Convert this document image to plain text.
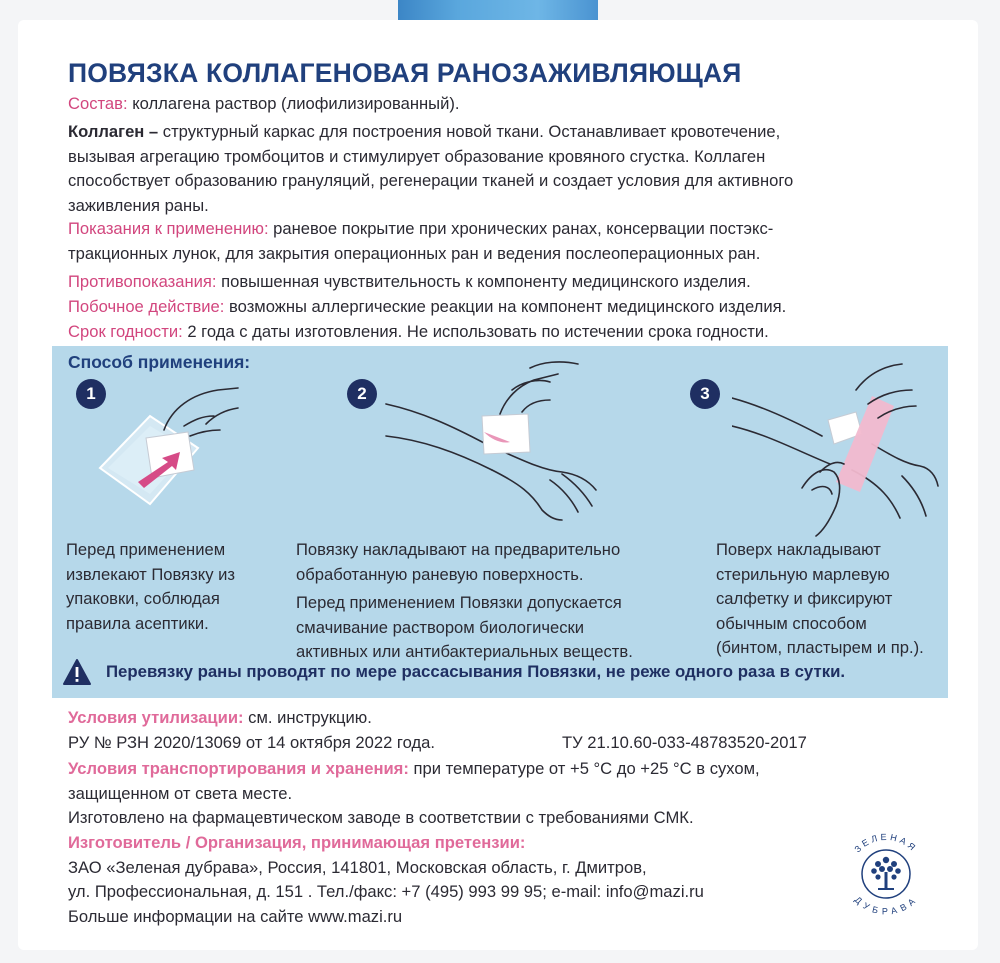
ПОВЯЗКА КОЛЛАГЕНОВАЯ РАНОЗАЖИВЛЯЮЩАЯ
Состав: коллагена раствор (лиофилизированный).
Коллаген – структурный каркас для построения новой ткани. Останавливает кровотечение,
вызывая агрегацию тромбоцитов и стимулирует образование кровяного сгустка. Коллаген
способствует образованию грануляций, регенерации тканей и создает условия для активного
заживления раны.
Показания к применению: раневое покрытие при хронических ранах, консервации постэкс-
тракционных лунок, для закрытия операционных ран и ведения послеоперационных ран.
Противопоказания: повышенная чувствительность к компоненту медицинского изделия.
Побочное действие: возможны аллергические реакции на компонент медицинского изделия.
Срок годности: 2 года с даты изготовления. Не использовать по истечении срока годности.
Способ применения:
1
Перед применением
извлекают Повязку из
упаковки, соблюдая
правила асептики.
2
Повязку накладывают на предварительно
обработанную раневую поверхность.
Перед применением Повязки допускается
смачивание раствором биологически
активных или антибактериальных веществ.
3
Поверх накладывают
стерильную марлевую
салфетку и фиксируют
обычным способом
(бинтом, пластырем и пр.).
Перевязку раны проводят по мере рассасывания Повязки, не реже одного раза в сутки.
Условия утилизации: см. инструкцию.
РУ № РЗН 2020/13069 от 14 октября 2022 года.	ТУ 21.10.60-033-48783520-2017
Условия транспортирования и хранения: при температуре от +5 °С до +25 °С в сухом,
защищенном от света месте.
Изготовлено на фармацевтическом заводе в соответствии с требованиями СМК.
Изготовитель / Организация, принимающая претензии:
ЗАО «Зеленая дубрава», Россия, 141801, Московская область, г. Дмитров,
ул. Профессиональная, д. 151 . Тел./факс: +7 (495) 993 99 95; e-mail: info@mazi.ru
Больше информации на сайте www.mazi.ru
ЗЕЛЕНАЯ
ДУБРАВА
